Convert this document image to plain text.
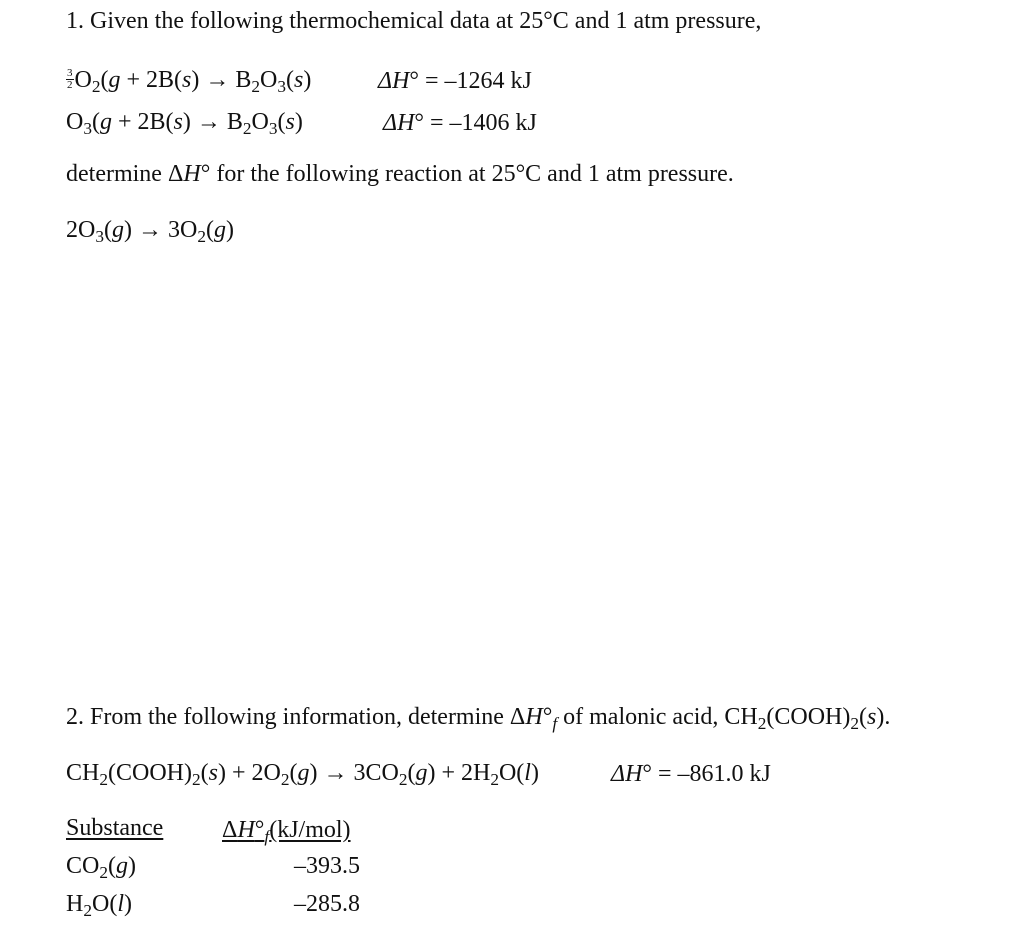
1. Given the following thermochemical data at 25°C and 1 atm pressure,
$\frac{3}{2} O_2(g + 2B(s) \to B_2O_3(s)$	ΔH° = –1264 kJ
$O_3(g + 2B(s) \to B_2O_3(s)$	ΔH° = –1406 kJ
determine ΔH° for the following reaction at 25°C and 1 atm pressure.
$2O_3(g) \to 3O_2(g)$
2. From the following information, determine $\Delta H^\circ_f$ of malonic acid, $CH_2(COOH)_2(s)$.
$CH_2(COOH)_2(s) + 2O_2(g) \to 3CO_2(g) + 2H_2O(l)$	ΔH° = –861.0 kJ
Substance $\Delta H^\circ_f(kJ/mol)$
$CO_2(g)$	–393.5
$H_2O(l)$	–285.8
